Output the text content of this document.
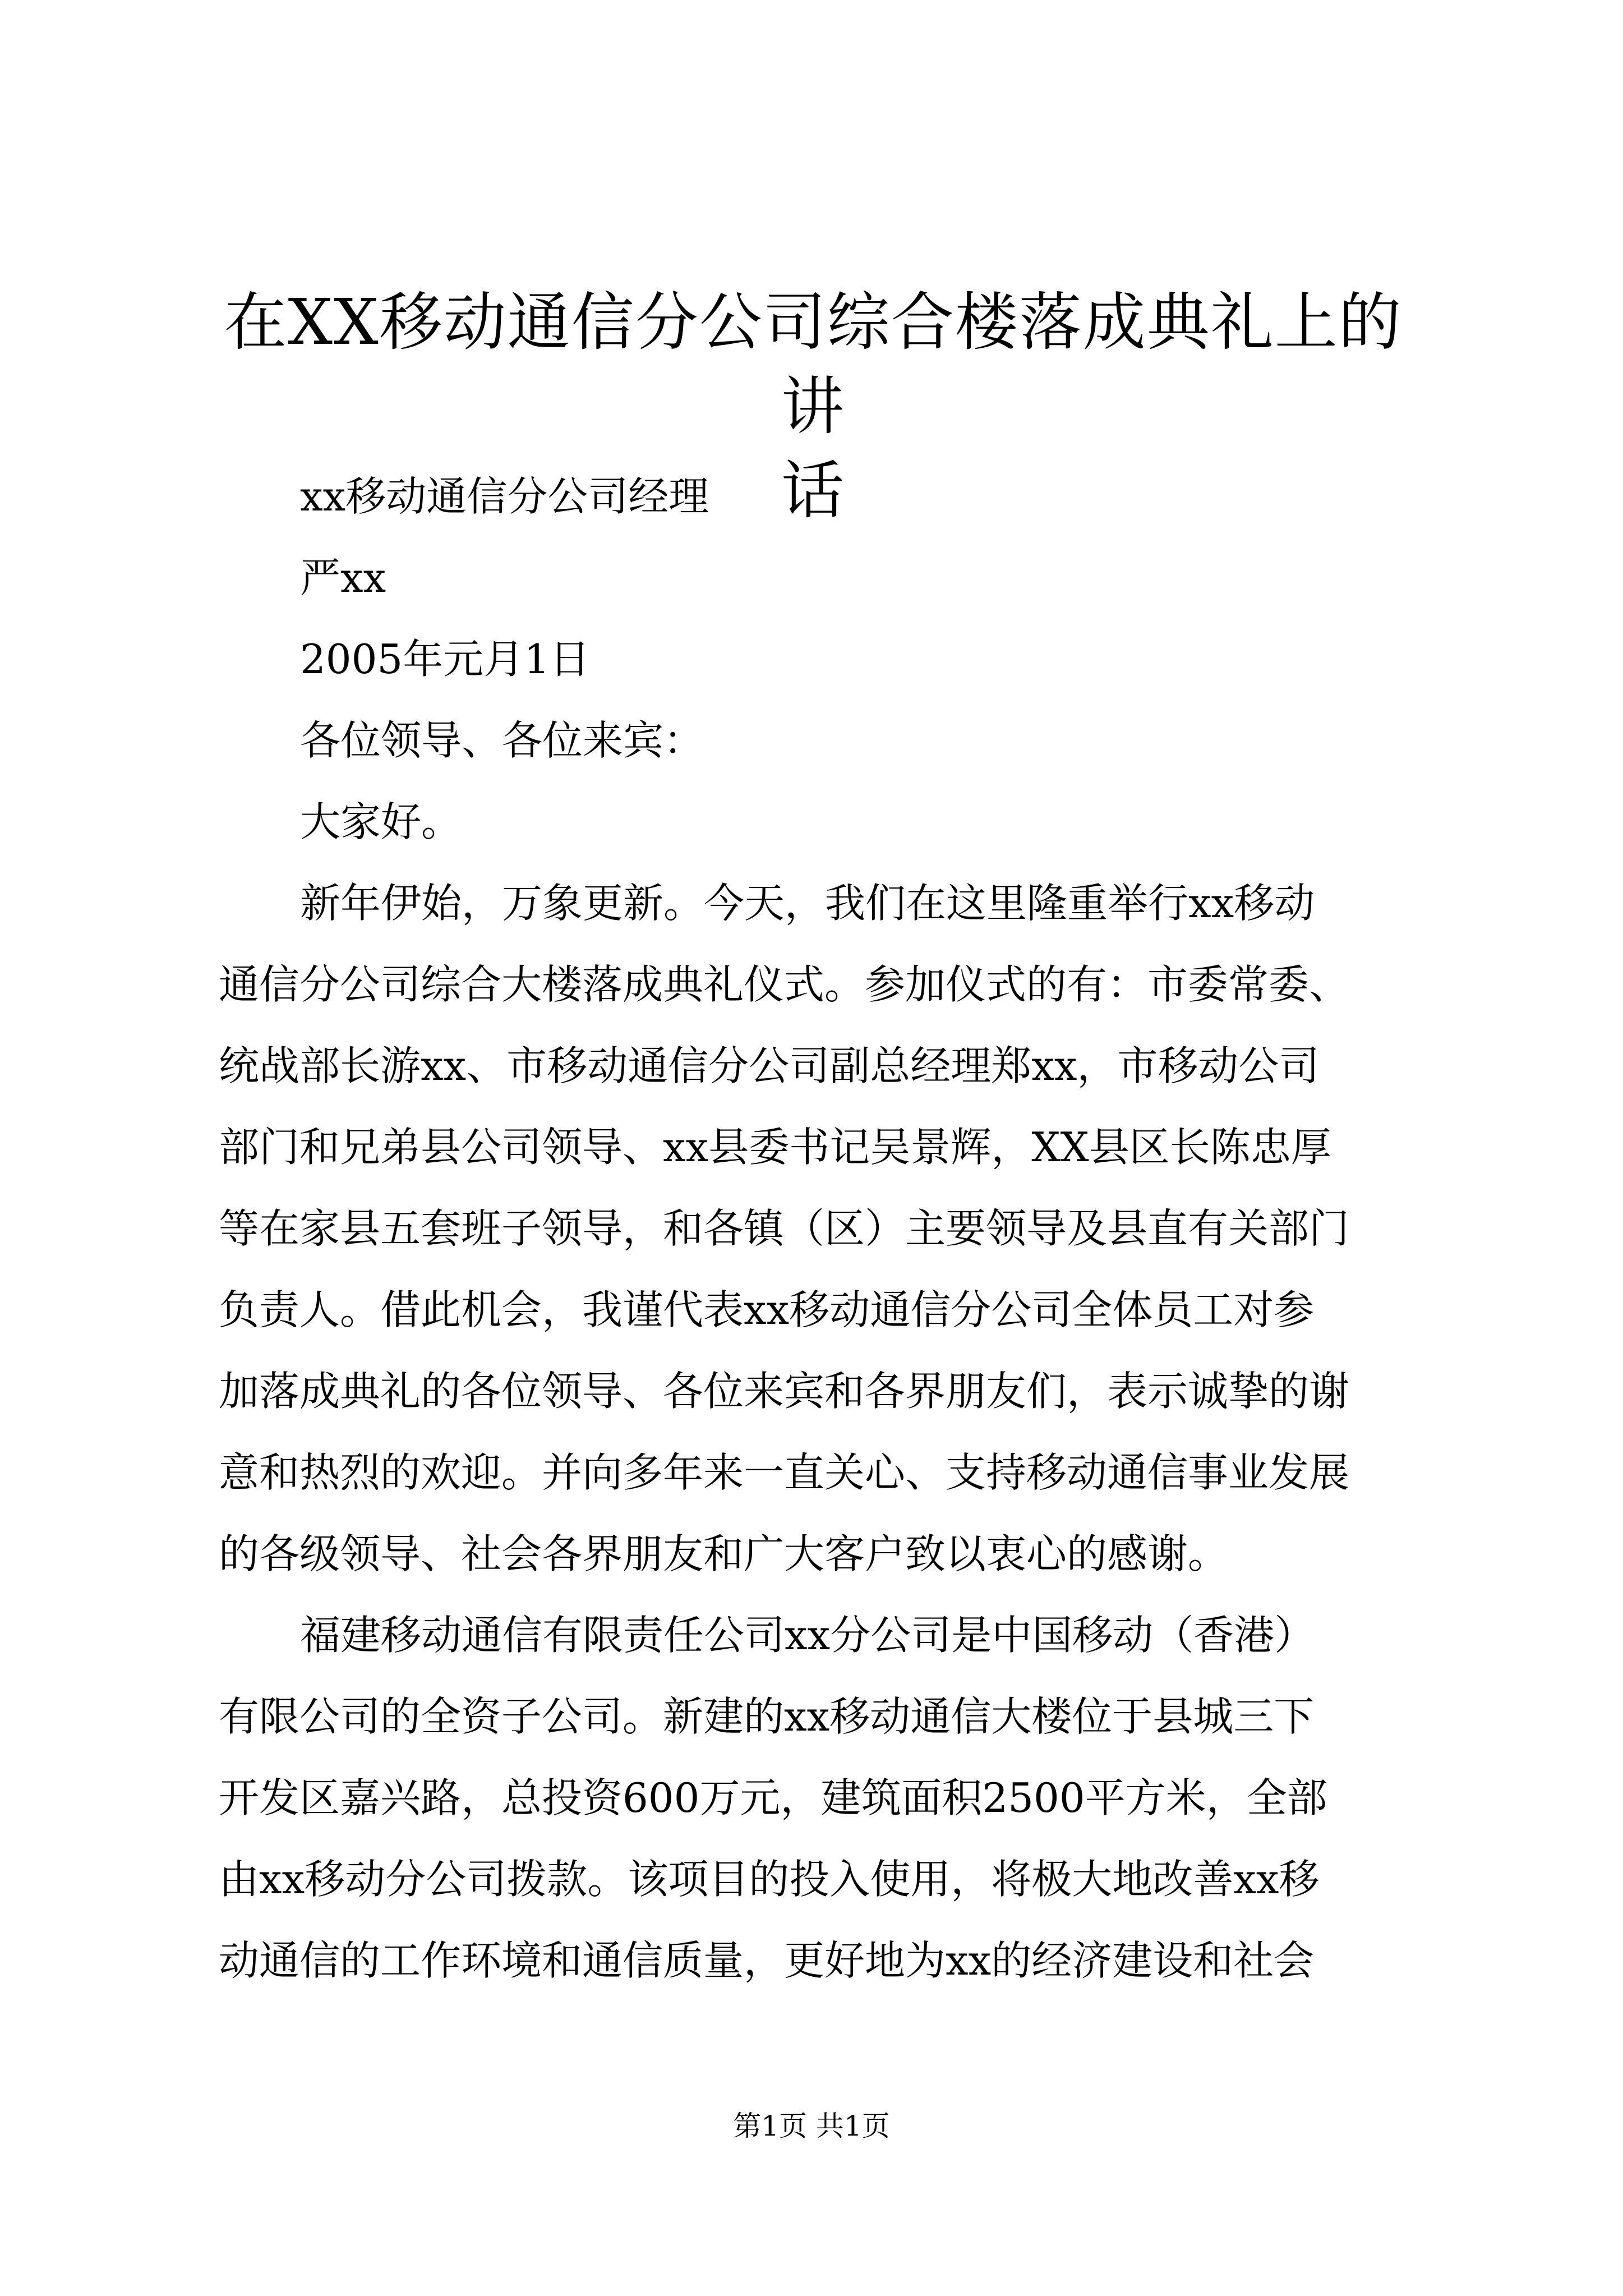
在XX移动通信分公司综合楼落成典礼上的讲
话
xx移动通信分公司经理
严xx
2005年元月1日
各位领导、各位来宾：
大家好。
新年伊始，万象更新。今天，我们在这里隆重举行xx移动
通信分公司综合大楼落成典礼仪式。参加仪式的有：市委常委、
统战部长游xx、市移动通信分公司副总经理郑xx，市移动公司
部门和兄弟县公司领导、xx县委书记吴景辉，XX县区长陈忠厚
等在家县五套班子领导，和各镇（区）主要领导及县直有关部门
负责人。借此机会，我谨代表xx移动通信分公司全体员工对参
加落成典礼的各位领导、各位来宾和各界朋友们，表示诚挚的谢
意和热烈的欢迎。并向多年来一直关心、支持移动通信事业发展
的各级领导、社会各界朋友和广大客户致以衷心的感谢。
福建移动通信有限责任公司xx分公司是中国移动（香港）
有限公司的全资子公司。新建的xx移动通信大楼位于县城三下
开发区嘉兴路，总投资600万元，建筑面积2500平方米，全部
由xx移动分公司拨款。该项目的投入使用，将极大地改善xx移
动通信的工作环境和通信质量，更好地为xx的经济建设和社会
第1页 共1页
